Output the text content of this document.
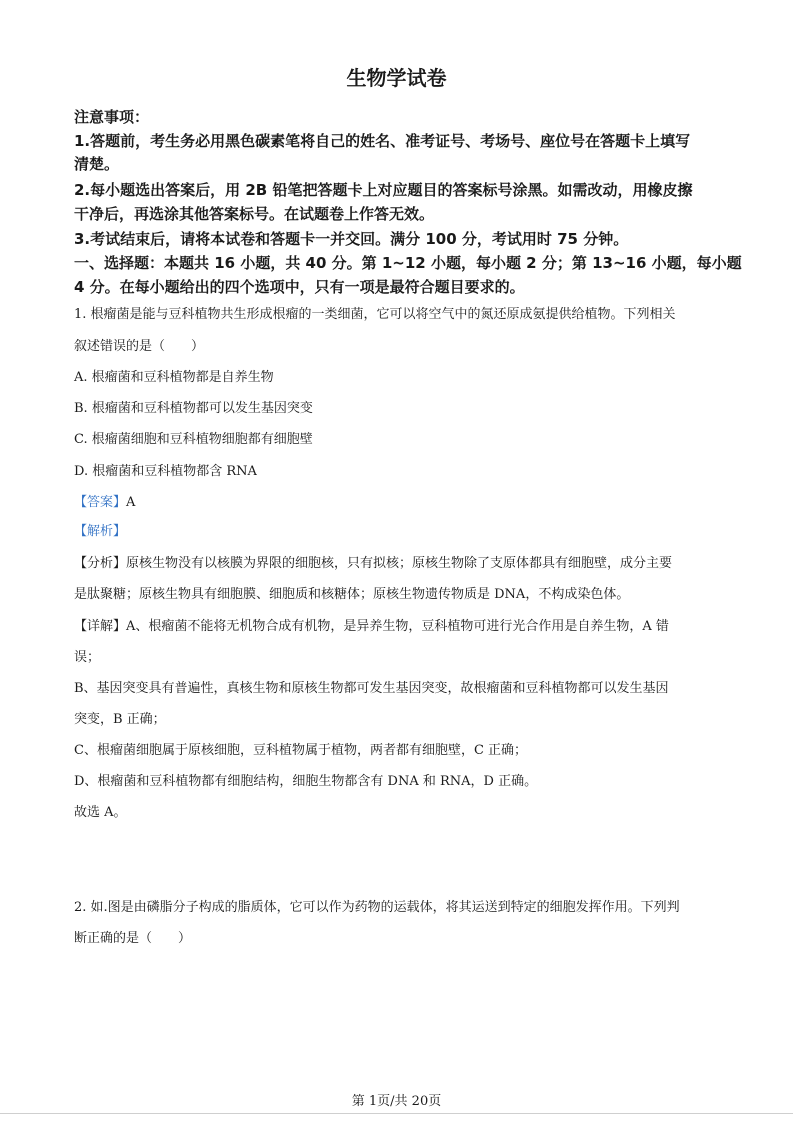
生物学试卷
注意事项：
1.答题前，考生务必用黑色碳素笔将自己的姓名、准考证号、考场号、座位号在答题卡上填写
清楚。
2.每小题选出答案后，用 2B 铅笔把答题卡上对应题目的答案标号涂黑。如需改动，用橡皮擦
干净后，再选涂其他答案标号。在试题卷上作答无效。
3.考试结束后，请将本试卷和答题卡一并交回。满分 100 分，考试用时 75 分钟。
一、选择题：本题共 16 小题，共 40 分。第 1~12 小题，每小题 2 分；第 13~16 小题，每小题
4 分。在每小题给出的四个选项中，只有一项是最符合题目要求的。
1. 根瘤菌是能与豆科植物共生形成根瘤的一类细菌，它可以将空气中的氮还原成氨提供给植物。下列相关
叙述错误的是（　　）
A. 根瘤菌和豆科植物都是自养生物
B. 根瘤菌和豆科植物都可以发生基因突变
C. 根瘤菌细胞和豆科植物细胞都有细胞壁
D. 根瘤菌和豆科植物都含 RNA
【答案】A
【解析】
【分析】原核生物没有以核膜为界限的细胞核，只有拟核；原核生物除了支原体都具有细胞壁，成分主要
是肽聚糖；原核生物具有细胞膜、细胞质和核糖体；原核生物遗传物质是 DNA，不构成染色体。
【详解】A、根瘤菌不能将无机物合成有机物，是异养生物，豆科植物可进行光合作用是自养生物，A 错
误；
B、基因突变具有普遍性，真核生物和原核生物都可发生基因突变，故根瘤菌和豆科植物都可以发生基因
突变，B 正确；
C、根瘤菌细胞属于原核细胞，豆科植物属于植物，两者都有细胞壁，C 正确；
D、根瘤菌和豆科植物都有细胞结构，细胞生物都含有 DNA 和 RNA，D 正确。
故选 A。
2. 如.图是由磷脂分子构成的脂质体，它可以作为药物的运载体，将其运送到特定的细胞发挥作用。下列判
断正确的是（　　）
第 1页/共 20页
